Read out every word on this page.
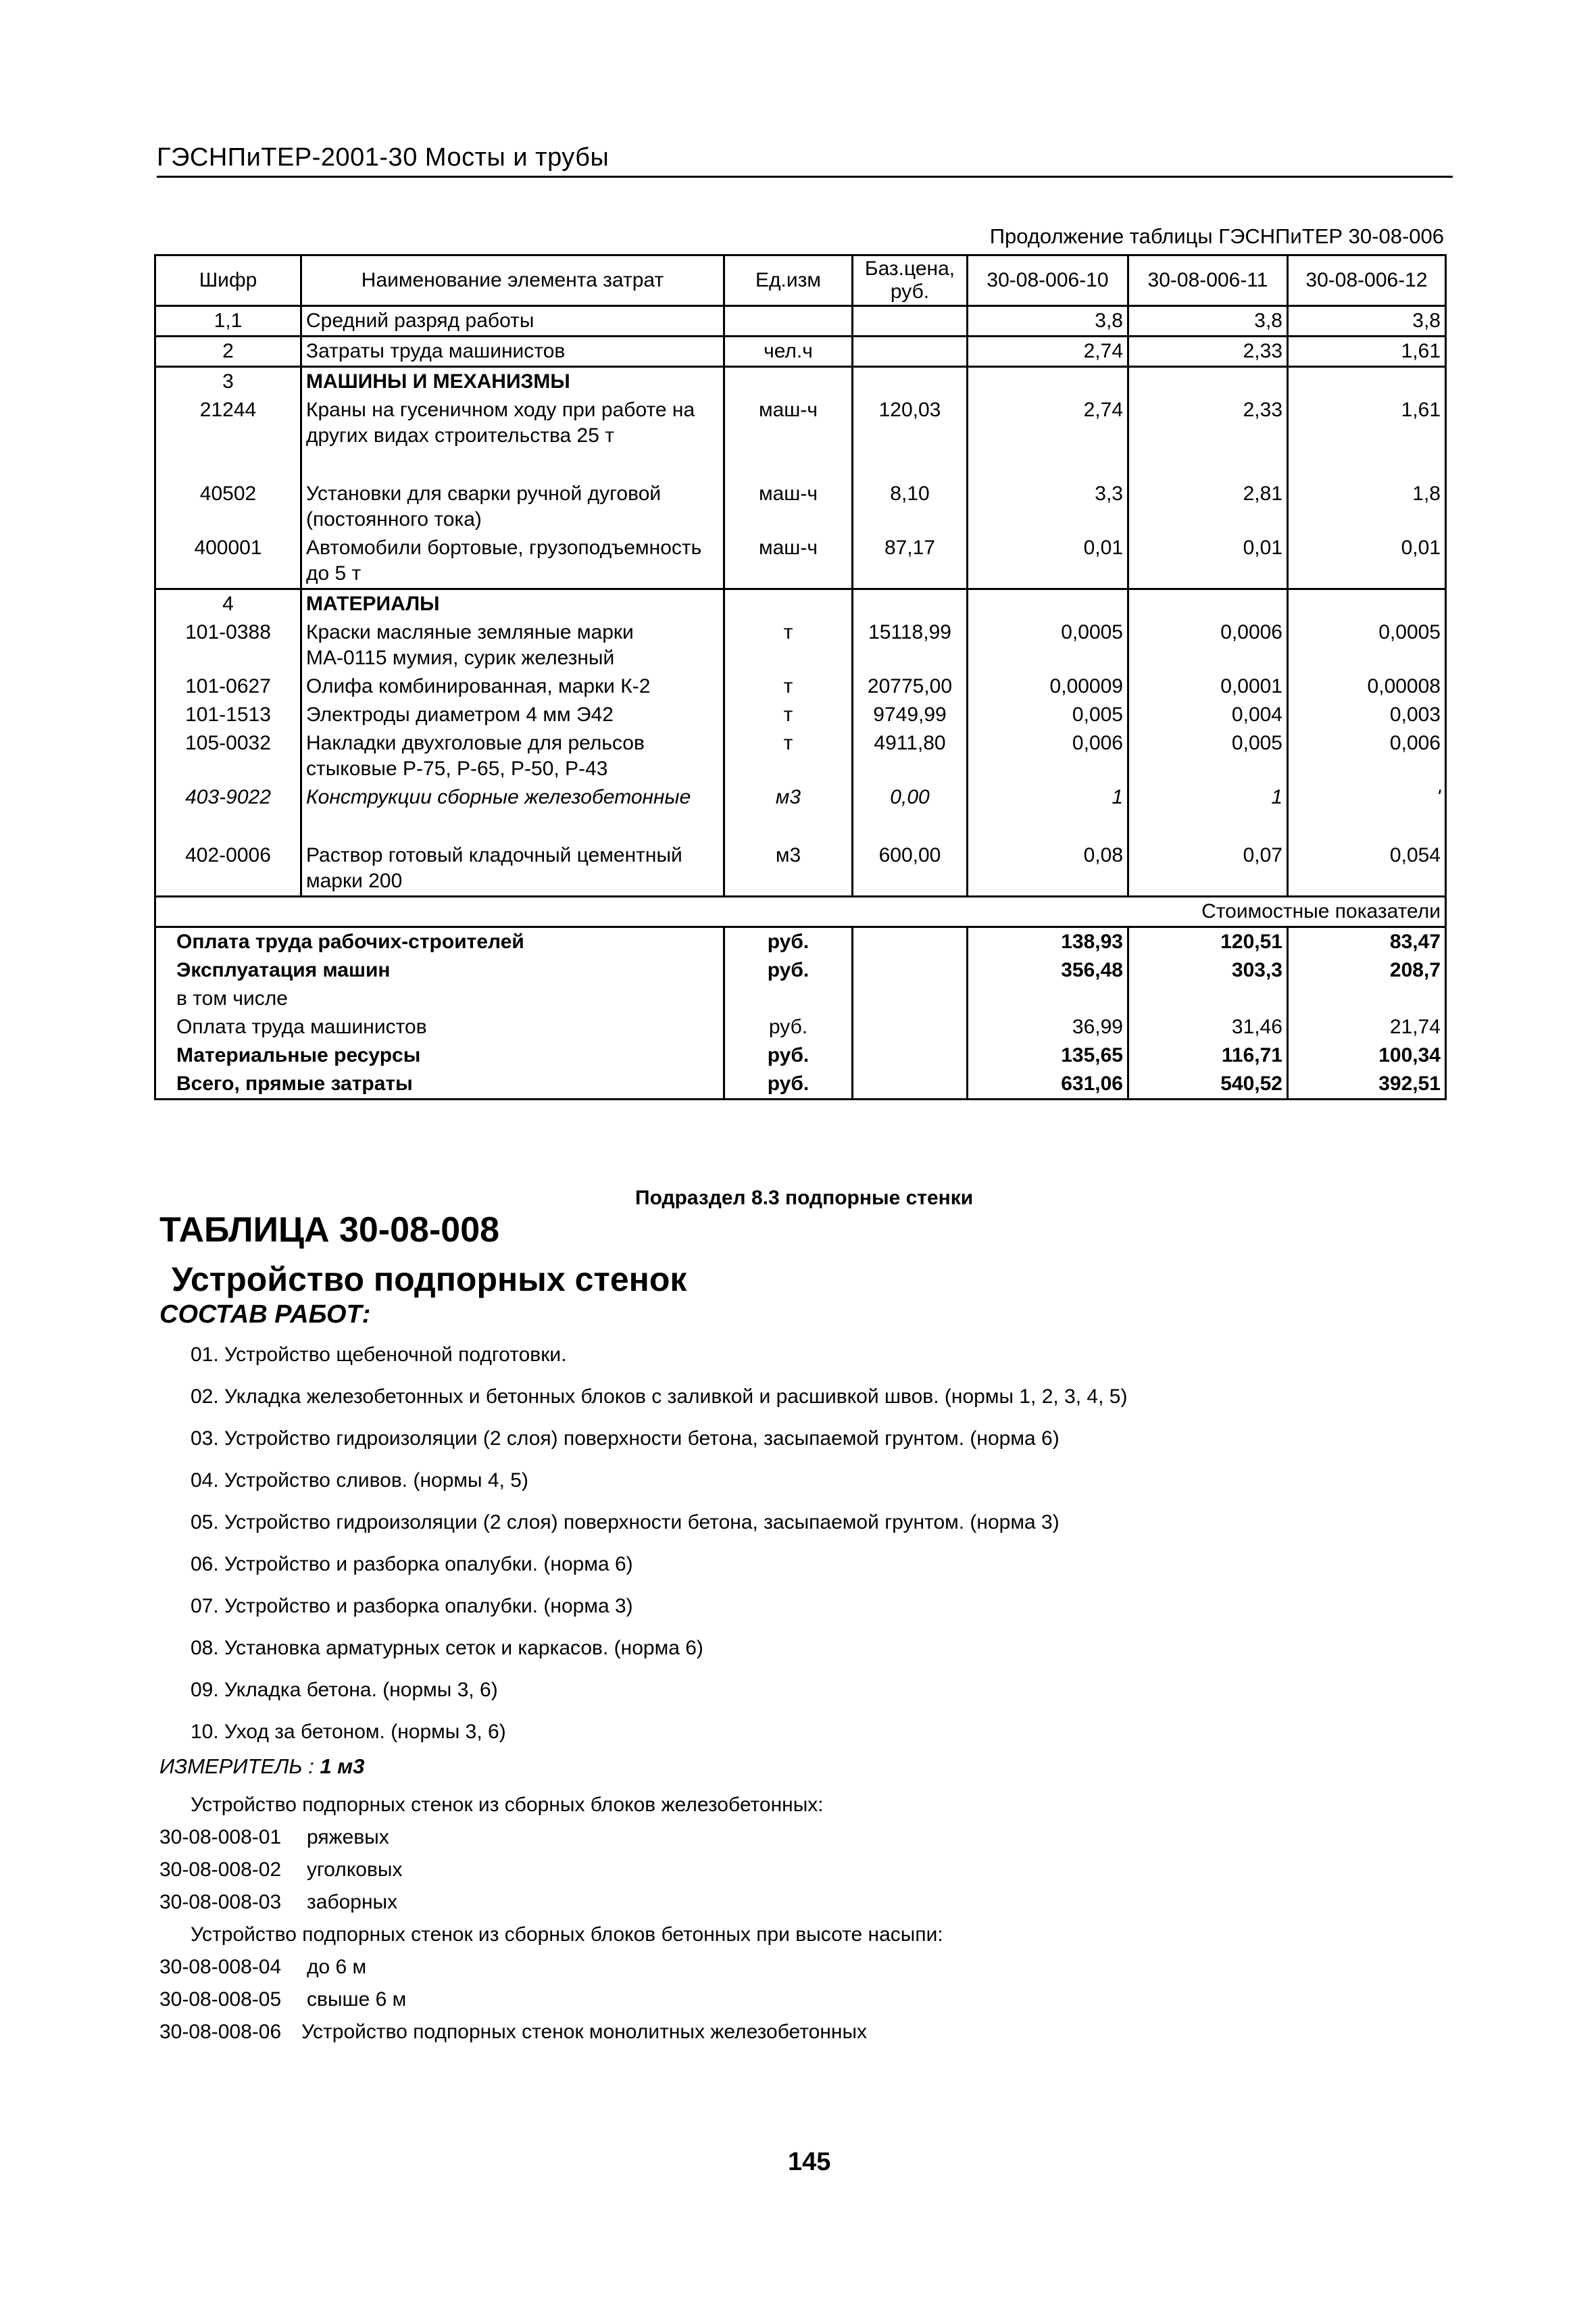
ГЭСНПиТЕР-2001-30 Мосты и трубы
Продолжение таблицы ГЭСНПиТЕР 30-08-006
Шифр	Наименование элемента затрат	Ед.изм	Баз.цена, руб.	30-08-006-10	30-08-006-11	30-08-006-12
1,1	Средний разряд работы			3,8	3,8	3,8
2	Затраты труда машинистов	чел.ч		2,74	2,33	1,61
3	МАШИНЫ И МЕХАНИЗМЫ					
21244	Краны на гусеничном ходу при работе на других видах строительства 25 т	маш-ч	120,03	2,74	2,33	1,61

40502	Установки для сварки ручной дуговой (постоянного тока)	маш-ч	8,10	3,3	2,81	1,8
400001	Автомобили бортовые, грузоподъемность до 5 т	маш-ч	87,17	0,01	0,01	0,01
4	МАТЕРИАЛЫ					
101-0388	Краски масляные земляные марки МА-0115 мумия, сурик железный	т	15118,99	0,0005	0,0006	0,0005
101-0627	Олифа комбинированная, марки К-2	т	20775,00	0,00009	0,0001	0,00008
101-1513	Электроды диаметром 4 мм Э42	т	9749,99	0,005	0,004	0,003
105-0032	Накладки двухголовые для рельсов стыковые Р-75, Р-65, Р-50, Р-43	т	4911,80	0,006	0,005	0,006
403-9022	Конструкции сборные железобетонные	м3	0,00	1	1	'

402-0006	Раствор готовый кладочный цементный марки 200	м3	600,00	0,08	0,07	0,054
Стоимостные показатели						
Оплата труда рабочих-строителей		руб.		138,93	120,51	83,47
Эксплуатация машин		руб.		356,48	303,3	208,7
в том числе						
Оплата труда машинистов		руб.		36,99	31,46	21,74
Материальные ресурсы		руб.		135,65	116,71	100,34
Всего, прямые затраты		руб.		631,06	540,52	392,51
Подраздел 8.3 подпорные стенки
ТАБЛИЦА 30-08-008
Устройство подпорных стенок
СОСТАВ РАБОТ:
01. Устройство щебеночной подготовки.
02. Укладка железобетонных и бетонных блоков с заливкой и расшивкой швов. (нормы 1, 2, 3, 4, 5)
03. Устройство гидроизоляции (2 слоя) поверхности бетона, засыпаемой грунтом. (норма 6)
04. Устройство сливов. (нормы 4, 5)
05. Устройство гидроизоляции (2 слоя) поверхности бетона, засыпаемой грунтом. (норма 3)
06. Устройство и разборка опалубки. (норма 6)
07. Устройство и разборка опалубки. (норма 3)
08. Установка арматурных сеток и каркасов. (норма 6)
09. Укладка бетона. (нормы 3, 6)
10. Уход за бетоном. (нормы 3, 6)
ИЗМЕРИТЕЛЬ : 1 м3
Устройство подпорных стенок из сборных блоков железобетонных:
30-08-008-01 ряжевых
30-08-008-02 уголковых
30-08-008-03 заборных
Устройство подпорных стенок из сборных блоков бетонных при высоте насыпи:
30-08-008-04 до 6 м
30-08-008-05 свыше 6 м
30-08-008-06 Устройство подпорных стенок монолитных железобетонных
145
